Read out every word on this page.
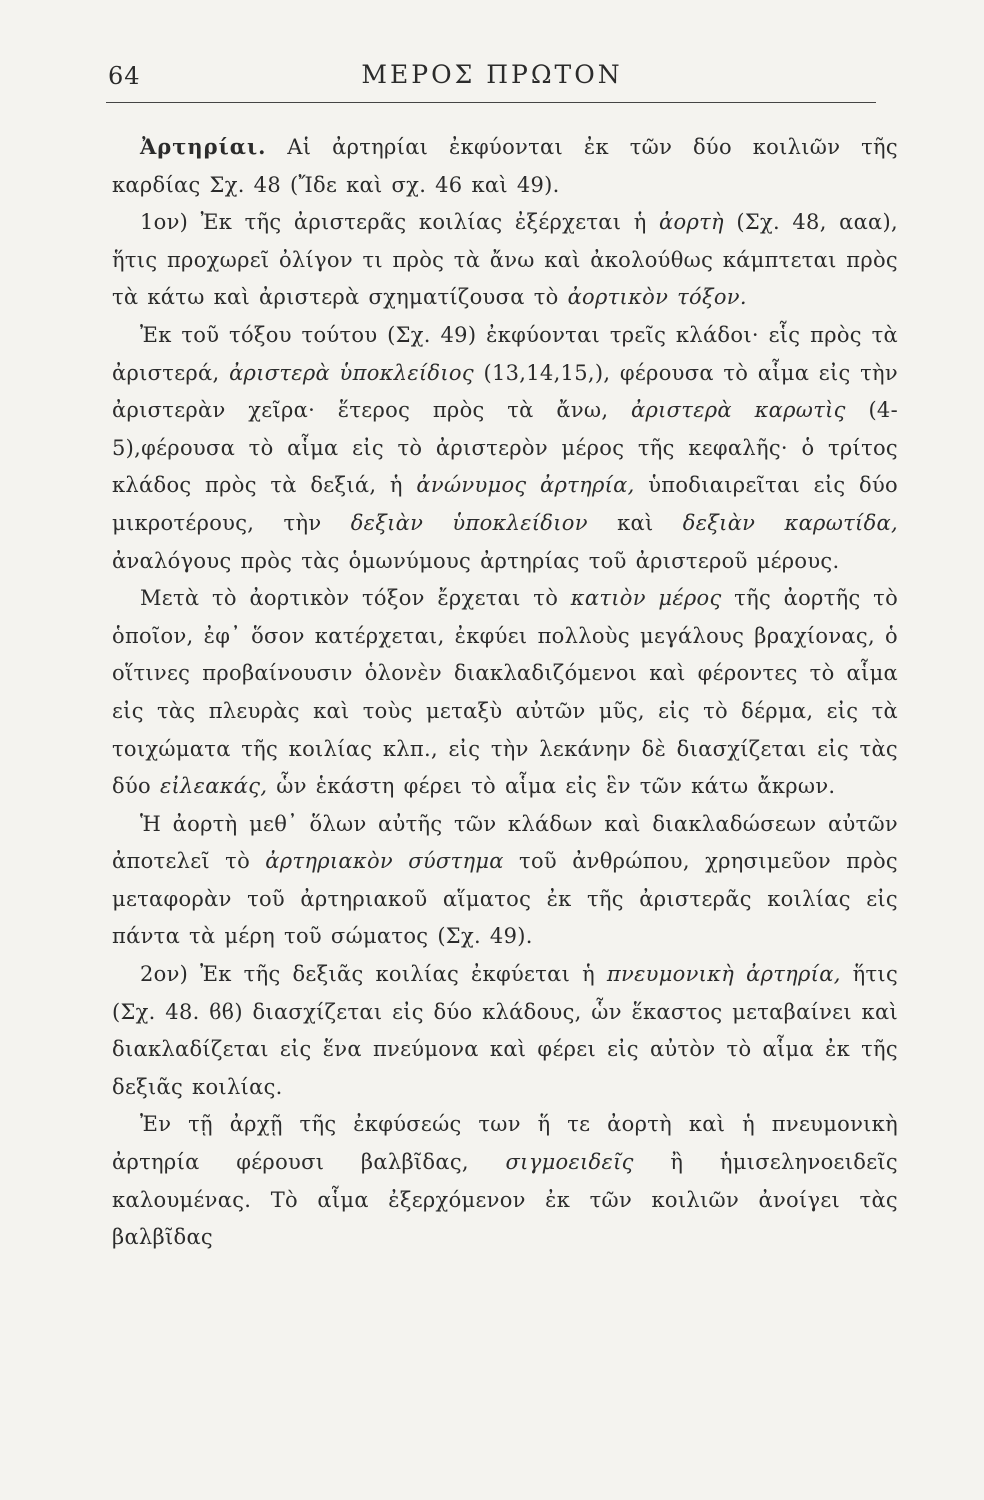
64	ΜΕΡΟΣ ΠΡΩΤΟΝ

Ἀρτηρίαι. Αἱ ἀρτηρίαι ἐκφύονται ἐκ τῶν δύο κοιλιῶν τῆς καρδίας Σχ. 48 (Ἴδε καὶ σχ. 46 καὶ 49).

1ον) Ἐκ τῆς ἀριστερᾶς κοιλίας ἐξέρχεται ἡ ἀορτὴ (Σχ. 48, ααα), ἥτις προχωρεῖ ὀλίγον τι πρὸς τὰ ἄνω καὶ ἀκολούθως κάμπτεται πρὸς τὰ κάτω καὶ ἀριστερὰ σχηματίζουσα τὸ ἀορτικὸν τόξον.

Ἐκ τοῦ τόξου τούτου (Σχ. 49) ἐκφύονται τρεῖς κλάδοι· εἷς πρὸς τὰ ἀριστερά, ἀριστερὰ ὑποκλείδιος (13,14,15,), φέρουσα τὸ αἷμα εἰς τὴν ἀριστερὰν χεῖρα· ἕτερος πρὸς τὰ ἄνω, ἀριστερὰ καρωτὶς (4-5),φέρουσα τὸ αἷμα εἰς τὸ ἀριστερὸν μέρος τῆς κεφαλῆς· ὁ τρίτος κλάδος πρὸς τὰ δεξιά, ἡ ἀνώνυμος ἀρτηρία, ὑποδιαιρεῖται εἰς δύο μικροτέρους, τὴν δεξιὰν ὑποκλείδιον καὶ δεξιὰν καρωτίδα, ἀναλόγους πρὸς τὰς ὁμωνύμους ἀρτηρίας τοῦ ἀριστεροῦ μέρους.

Μετὰ τὸ ἀορτικὸν τόξον ἔρχεται τὸ κατιὸν μέρος τῆς ἀορτῆς τὸ ὁποῖον, ἐφ᾽ ὅσον κατέρχεται, ἐκφύει πολλοὺς μεγάλους βραχίονας, ὁ οἵτινες προβαίνουσιν ὁλονὲν διακλαδιζόμενοι καὶ φέροντες τὸ αἷμα εἰς τὰς πλευρὰς καὶ τοὺς μεταξὺ αὐτῶν μῦς, εἰς τὸ δέρμα, εἰς τὰ τοιχώματα τῆς κοιλίας κλπ., εἰς τὴν λεκάνην δὲ διασχίζεται εἰς τὰς δύο εἰλεακάς, ὧν ἑκάστη φέρει τὸ αἷμα εἰς ἓν τῶν κάτω ἄκρων.

Ἡ ἀορτὴ μεθ᾽ ὅλων αὐτῆς τῶν κλάδων καὶ διακλαδώσεων αὐτῶν ἀποτελεῖ τὸ ἀρτηριακὸν σύστημα τοῦ ἀνθρώπου, χρησιμεῦον πρὸς μεταφορὰν τοῦ ἀρτηριακοῦ αἵματος ἐκ τῆς ἀριστερᾶς κοιλίας εἰς πάντα τὰ μέρη τοῦ σώματος (Σχ. 49).

2ον) Ἐκ τῆς δεξιᾶς κοιλίας ἐκφύεται ἡ πνευμονικὴ ἀρτηρία, ἥτις (Σχ. 48. ϐϐ) διασχίζεται εἰς δύο κλάδους, ὧν ἕκαστος μεταβαίνει καὶ διακλαδίζεται εἰς ἕνα πνεύμονα καὶ φέρει εἰς αὐτὸν τὸ αἷμα ἐκ τῆς δεξιᾶς κοιλίας.

Ἐν τῇ ἀρχῇ τῆς ἐκφύσεώς των ἥ τε ἀορτὴ καὶ ἡ πνευμονικὴ ἀρτηρία φέρουσι βαλβῖδας, σιγμοειδεῖς ἢ ἡμισεληνοειδεῖς καλουμένας. Τὸ αἷμα ἐξερχόμενον ἐκ τῶν κοιλιῶν ἀνοίγει τὰς βαλβῖδας
